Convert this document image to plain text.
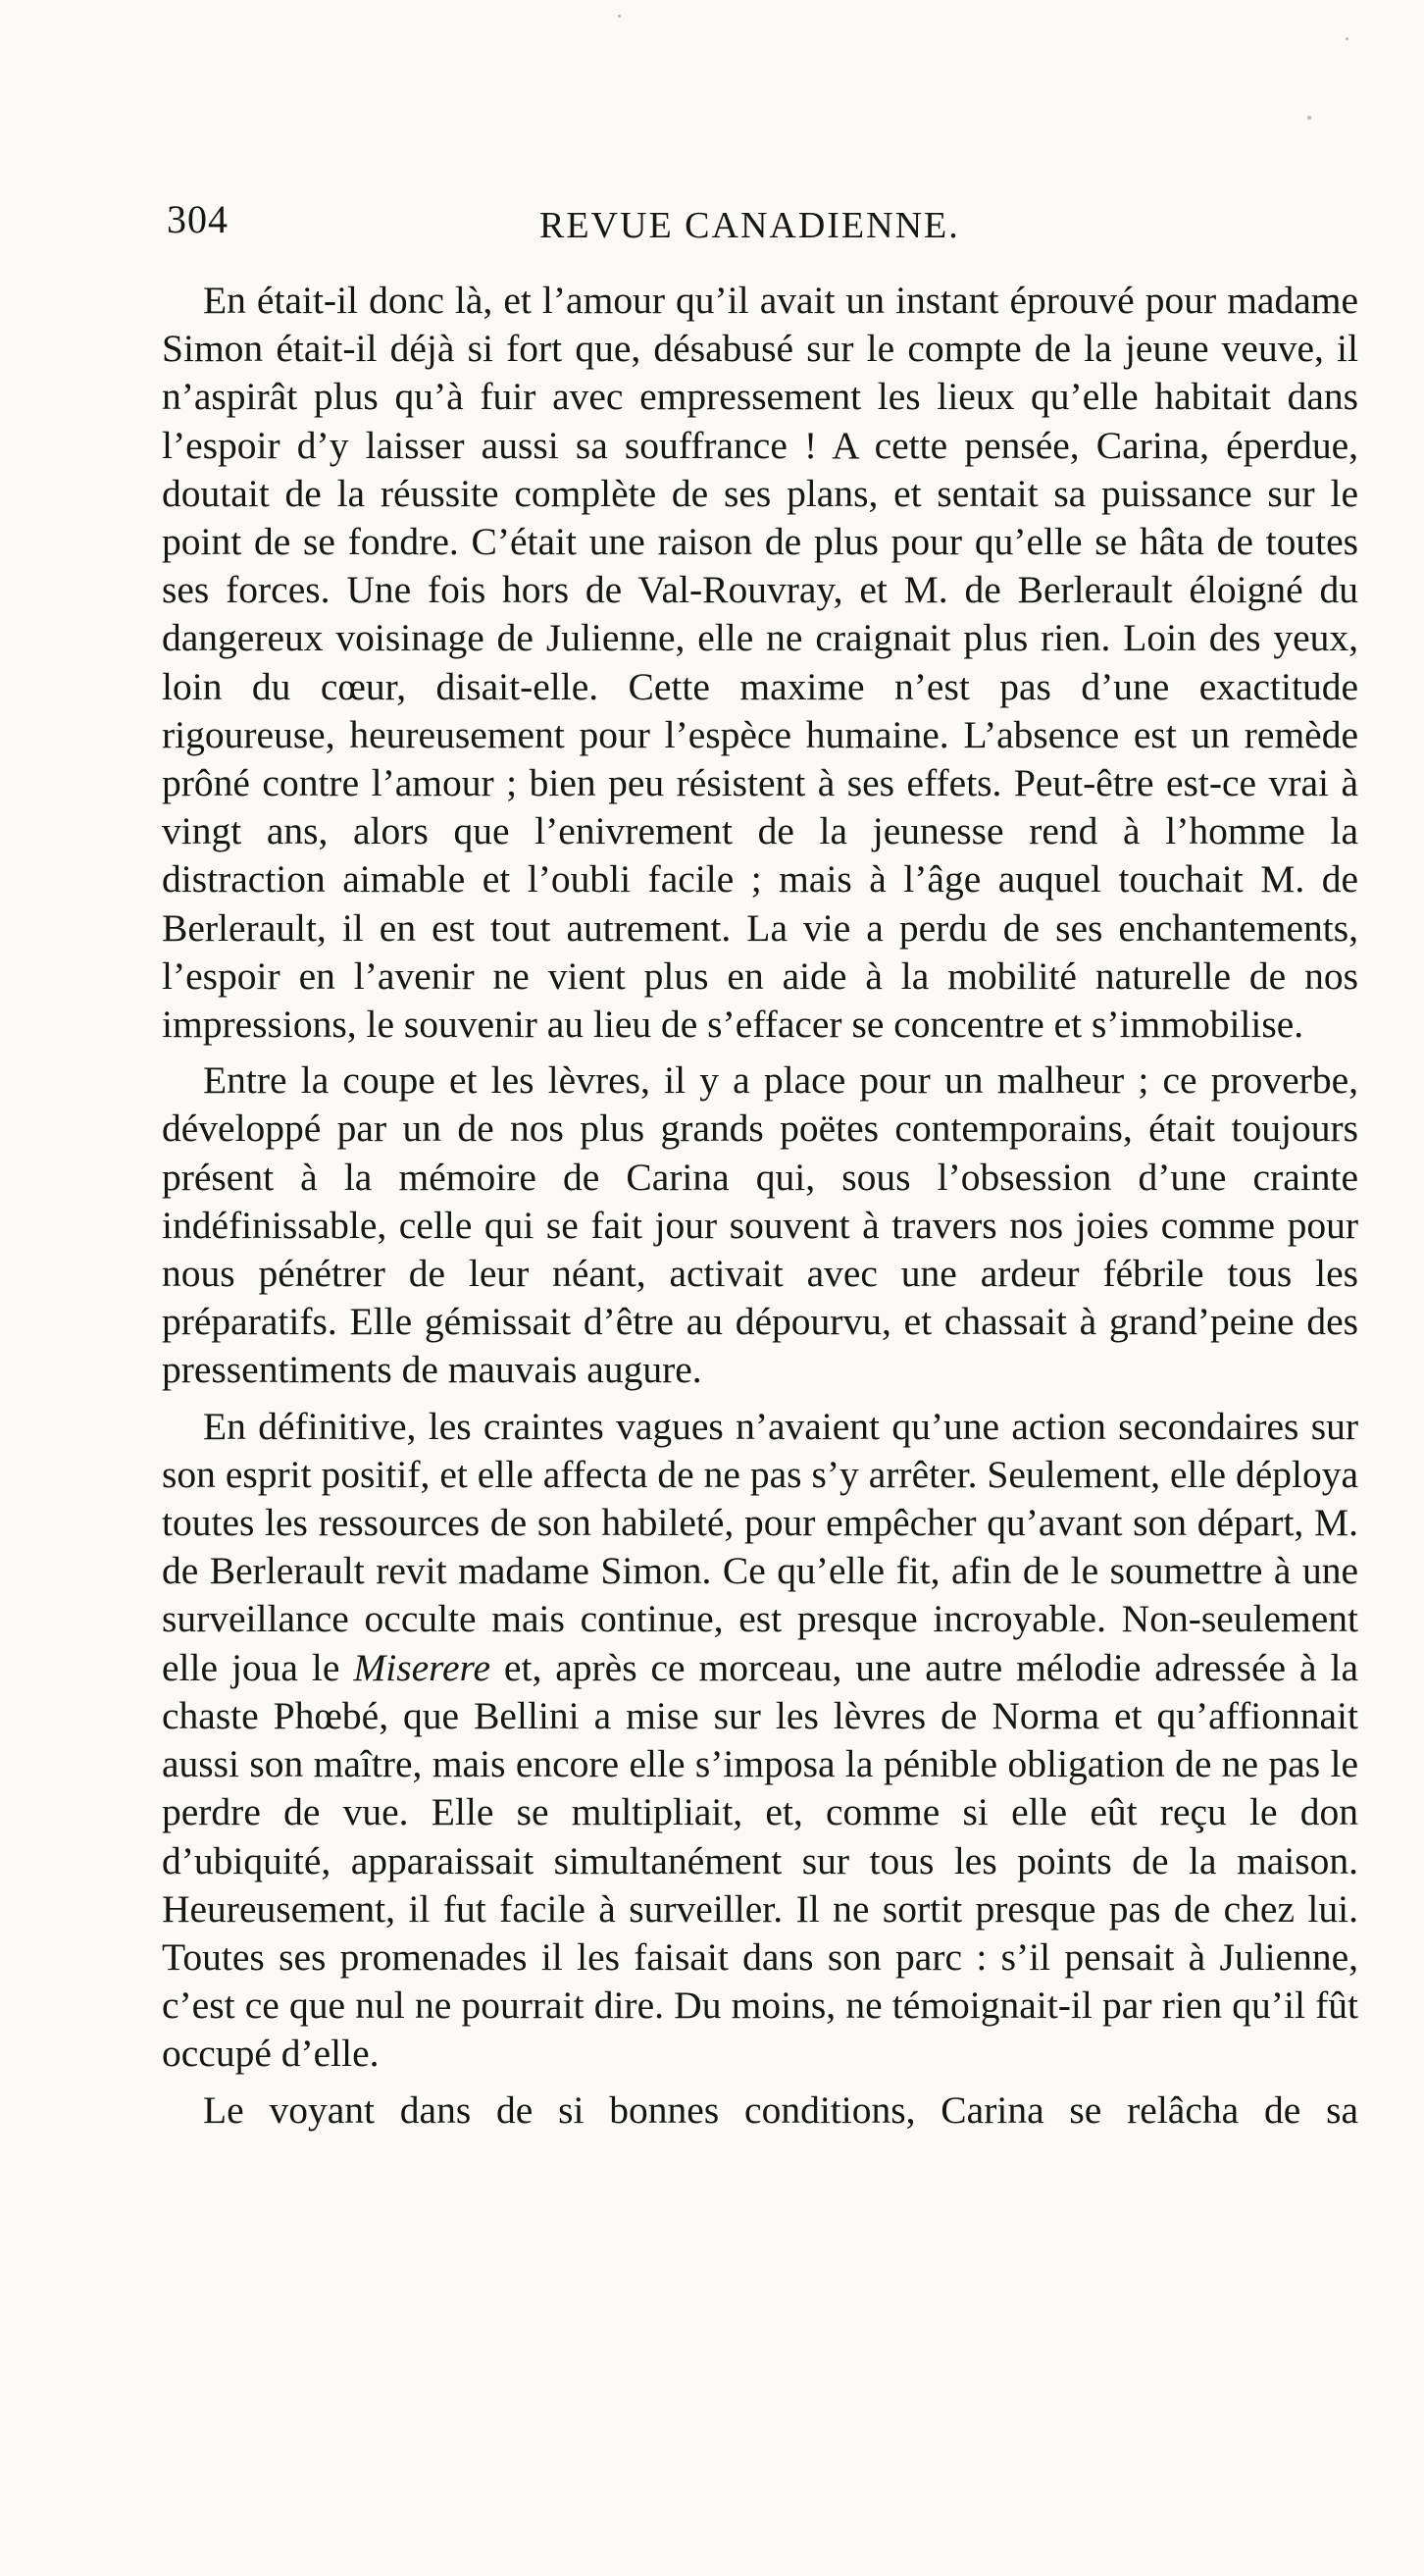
304	REVUE CANADIENNE.

En était-il donc là, et l’amour qu’il avait un instant éprouvé pour madame Simon était-il déjà si fort que, désabusé sur le compte de la jeune veuve, il n’aspirât plus qu’à fuir avec empressement les lieux qu’elle habitait dans l’espoir d’y laisser aussi sa souffrance ! A cette pensée, Carina, éperdue, doutait de la réussite complète de ses plans, et sentait sa puissance sur le point de se fondre. C’était une raison de plus pour qu’elle se hâta de toutes ses forces. Une fois hors de Val-Rouvray, et M. de Berlerault éloigné du dangereux voisinage de Julienne, elle ne craignait plus rien. Loin des yeux, loin du cœur, disait-elle. Cette maxime n’est pas d’une exactitude rigoureuse, heureusement pour l’espèce humaine. L’absence est un remède prôné contre l’amour ; bien peu résistent à ses effets. Peut-être est-ce vrai à vingt ans, alors que l’enivrement de la jeunesse rend à l’homme la distraction aimable et l’oubli facile ; mais à l’âge auquel touchait M. de Berlerault, il en est tout autrement. La vie a perdu de ses enchantements, l’espoir en l’avenir ne vient plus en aide à la mobilité naturelle de nos impressions, le souvenir au lieu de s’effacer se concentre et s’immobilise.

Entre la coupe et les lèvres, il y a place pour un malheur ; ce proverbe, développé par un de nos plus grands poëtes contemporains, était toujours présent à la mémoire de Carina qui, sous l’obsession d’une crainte indéfinissable, celle qui se fait jour souvent à travers nos joies comme pour nous pénétrer de leur néant, activait avec une ardeur fébrile tous les préparatifs. Elle gémissait d’être au dépourvu, et chassait à grand’peine des pressentiments de mauvais augure.

En définitive, les craintes vagues n’avaient qu’une action secondaires sur son esprit positif, et elle affecta de ne pas s’y arrêter. Seulement, elle déploya toutes les ressources de son habileté, pour empêcher qu’avant son départ, M. de Berlerault revit madame Simon. Ce qu’elle fit, afin de le soumettre à une surveillance occulte mais continue, est presque incroyable. Non-seulement elle joua le Miserere et, après ce morceau, une autre mélodie adressée à la chaste Phœbé, que Bellini a mise sur les lèvres de Norma et qu’affionnait aussi son maître, mais encore elle s’imposa la pénible obligation de ne pas le perdre de vue. Elle se multipliait, et, comme si elle eût reçu le don d’ubiquité, apparaissait simultanément sur tous les points de la maison. Heureusement, il fut facile à surveiller. Il ne sortit presque pas de chez lui. Toutes ses promenades il les faisait dans son parc : s’il pensait à Julienne, c’est ce que nul ne pourrait dire. Du moins, ne témoignait-il par rien qu’il fût occupé d’elle.

Le voyant dans de si bonnes conditions, Carina se relâcha de sa
